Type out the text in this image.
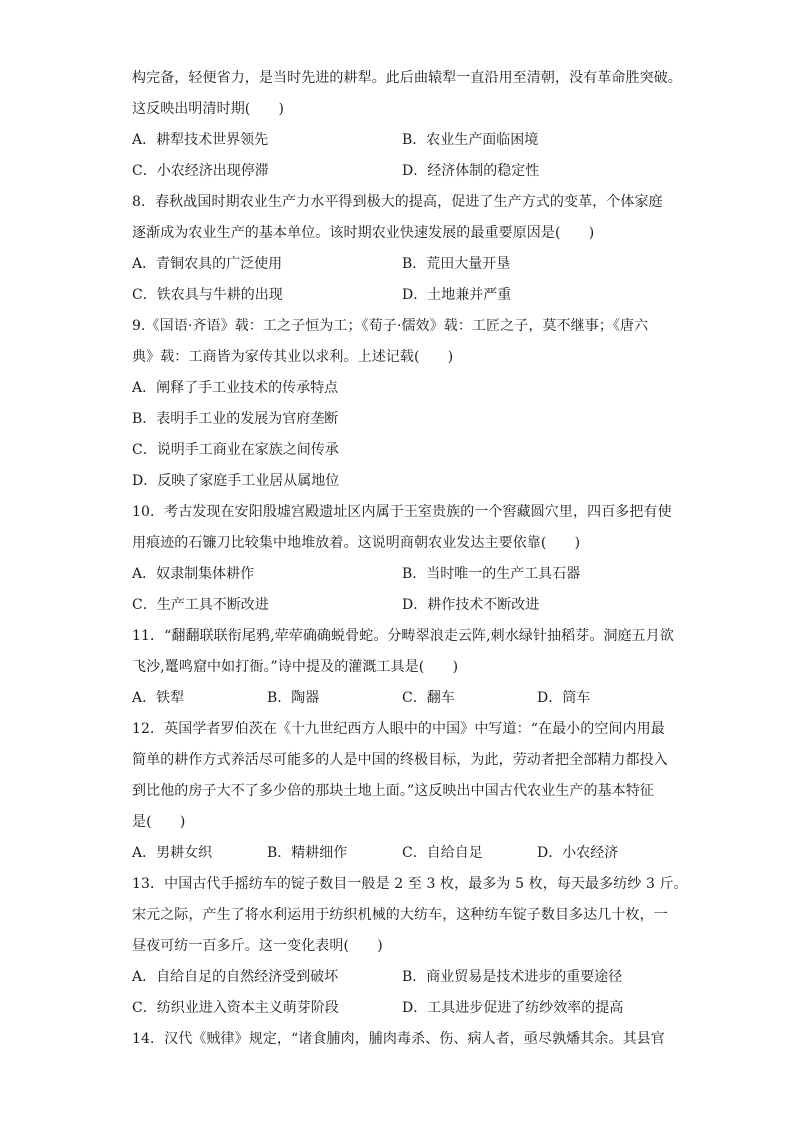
构完备，轻便省力，是当时先进的耕犁。此后曲辕犁一直沿用至清朝，没有革命胜突破。
这反映出明清时期(　　)
A．耕犁技术世界领先	B．农业生产面临困境
C．小农经济出现停滞	D．经济体制的稳定性
8．春秋战国时期农业生产力水平得到极大的提高，促进了生产方式的变革，个体家庭
逐渐成为农业生产的基本单位。该时期农业快速发展的最重要原因是(　　)
A．青铜农具的广泛使用	B．荒田大量开垦
C．铁农具与牛耕的出现	D．土地兼并严重
9.《国语·齐语》载：工之子恒为工；《荀子·儒效》载：工匠之子，莫不继事；《唐六
典》载：工商皆为家传其业以求利。上述记载(　　)
A．阐释了手工业技术的传承特点
B．表明手工业的发展为官府垄断
C．说明手工商业在家族之间传承
D．反映了家庭手工业居从属地位
10．考古发现在安阳殷墟宫殿遗址区内属于王室贵族的一个窖藏圆穴里，四百多把有使
用痕迹的石镰刀比较集中地堆放着。这说明商朝农业发达主要依靠(　　)
A．奴隶制集体耕作	B．当时唯一的生产工具石器
C．生产工具不断改进	D．耕作技术不断改进
11．“翻翻联联衔尾鸦,荦荦确确蜕骨蛇。分畴翠浪走云阵,刺水绿针抽稻芽。洞庭五月欲
飞沙,鼍鸣窟中如打衙。”诗中提及的灌溉工具是(　　)
A．铁犁	B．陶器	C．翻车	D．筒车
12．英国学者罗伯茨在《十九世纪西方人眼中的中国》中写道：“在最小的空间内用最
简单的耕作方式养活尽可能多的人是中国的终极目标，为此，劳动者把全部精力都投入
到比他的房子大不了多少倍的那块土地上面。”这反映出中国古代农业生产的基本特征
是(　　)
A．男耕女织	B．精耕细作	C．自给自足	D．小农经济
13．中国古代手摇纺车的锭子数目一般是 2 至 3 枚，最多为 5 枚，每天最多纺纱 3 斤。
宋元之际，产生了将水利运用于纺织机械的大纺车，这种纺车锭子数目多达几十枚，一
昼夜可纺一百多斤。这一变化表明(　　)
A．自给自足的自然经济受到破坏	B．商业贸易是技术进步的重要途径
C．纺织业进入资本主义萌芽阶段	D．工具进步促进了纺纱效率的提高
14．汉代《贼律》规定，“诸食脯肉，脯肉毒杀、伤、病人者，亟尽孰燔其余。其县官
